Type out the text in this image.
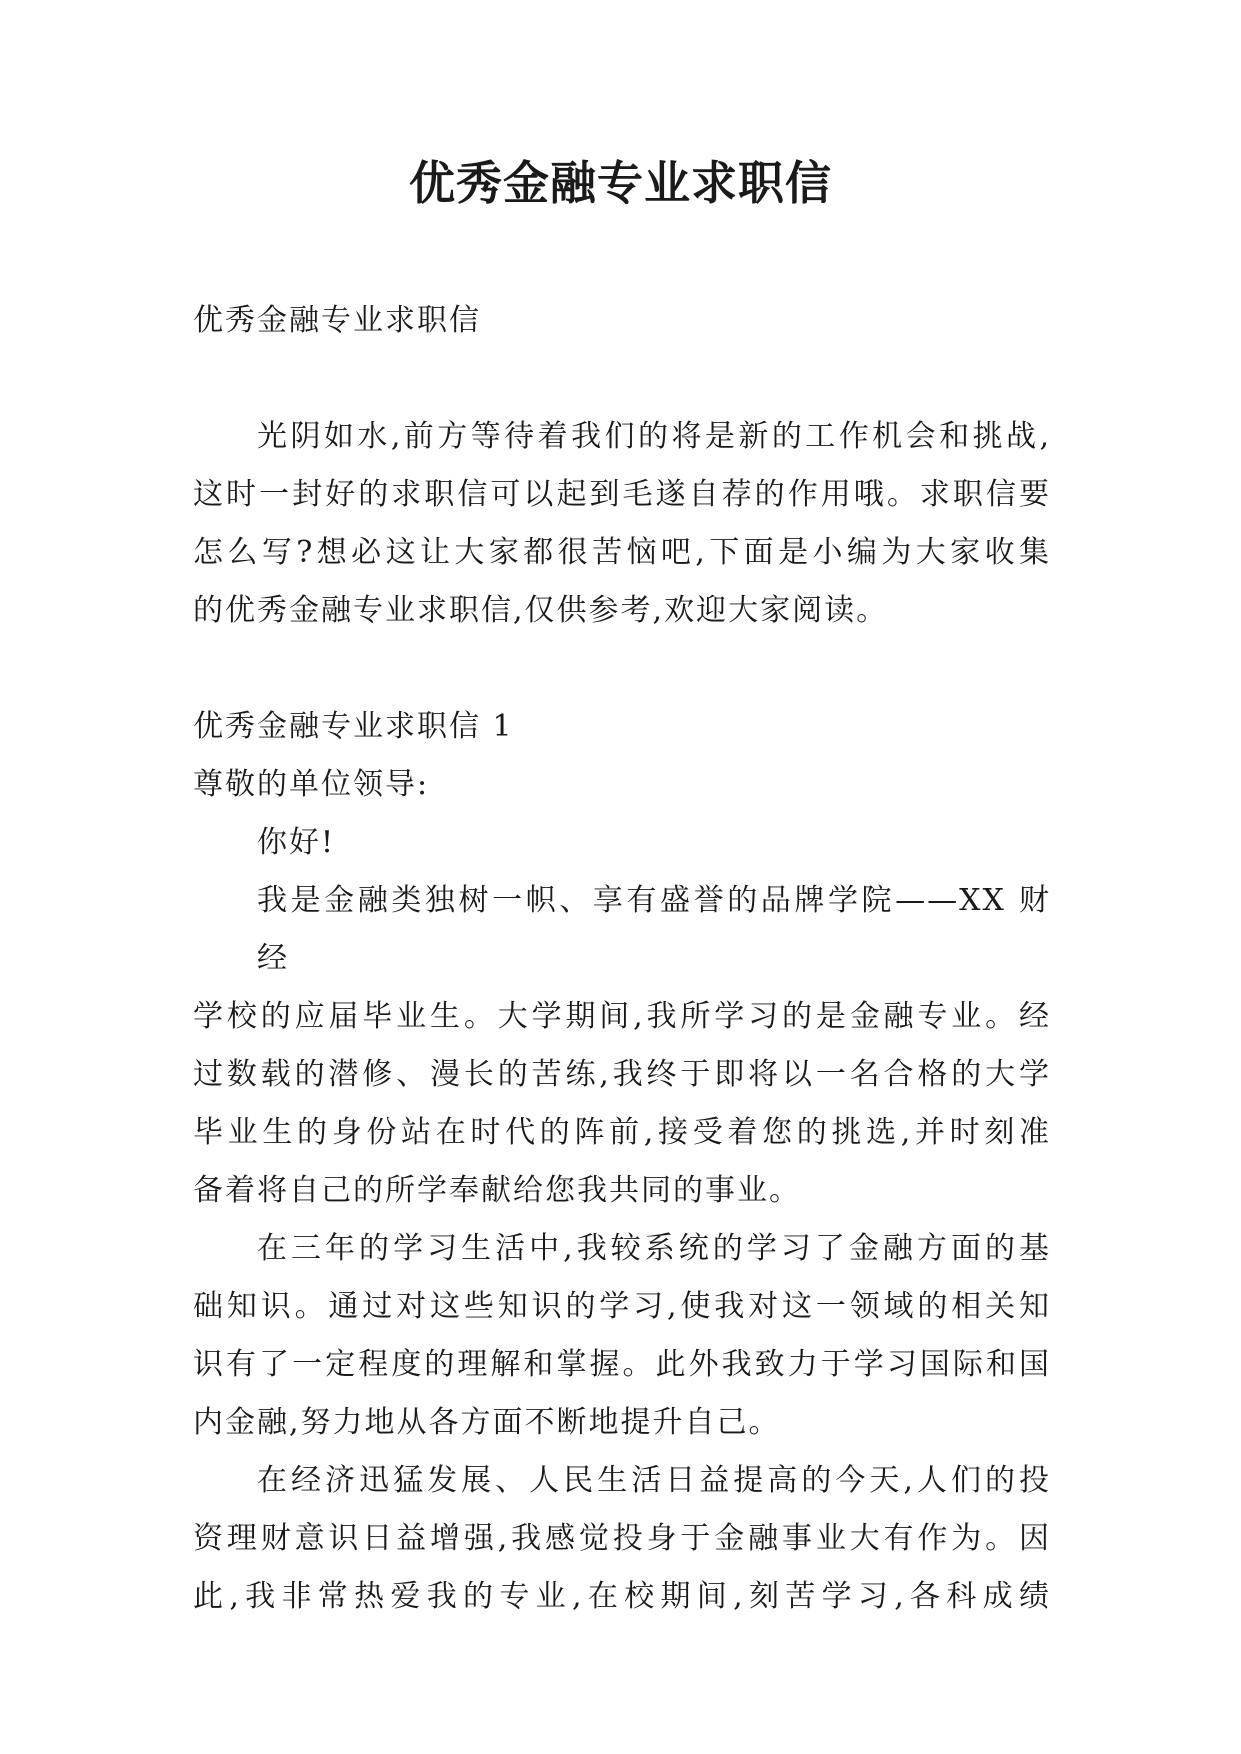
优秀金融专业求职信
优秀金融专业求职信
光阴如水,前方等待着我们的将是新的工作机会和挑战,
这时一封好的求职信可以起到毛遂自荐的作用哦。求职信要
怎么写?想必这让大家都很苦恼吧,下面是小编为大家收集
的优秀金融专业求职信,仅供参考,欢迎大家阅读。
优秀金融专业求职信 1
尊敬的单位领导:
你好!
我是金融类独树一帜、享有盛誉的品牌学院——XX 财经
学校的应届毕业生。大学期间,我所学习的是金融专业。经
过数载的潜修、漫长的苦练,我终于即将以一名合格的大学
毕业生的身份站在时代的阵前,接受着您的挑选,并时刻准
备着将自己的所学奉献给您我共同的事业。
在三年的学习生活中,我较系统的学习了金融方面的基
础知识。通过对这些知识的学习,使我对这一领域的相关知
识有了一定程度的理解和掌握。此外我致力于学习国际和国
内金融,努力地从各方面不断地提升自己。
在经济迅猛发展、人民生活日益提高的今天,人们的投
资理财意识日益增强,我感觉投身于金融事业大有作为。因
此,我非常热爱我的专业,在校期间,刻苦学习,各科成绩
